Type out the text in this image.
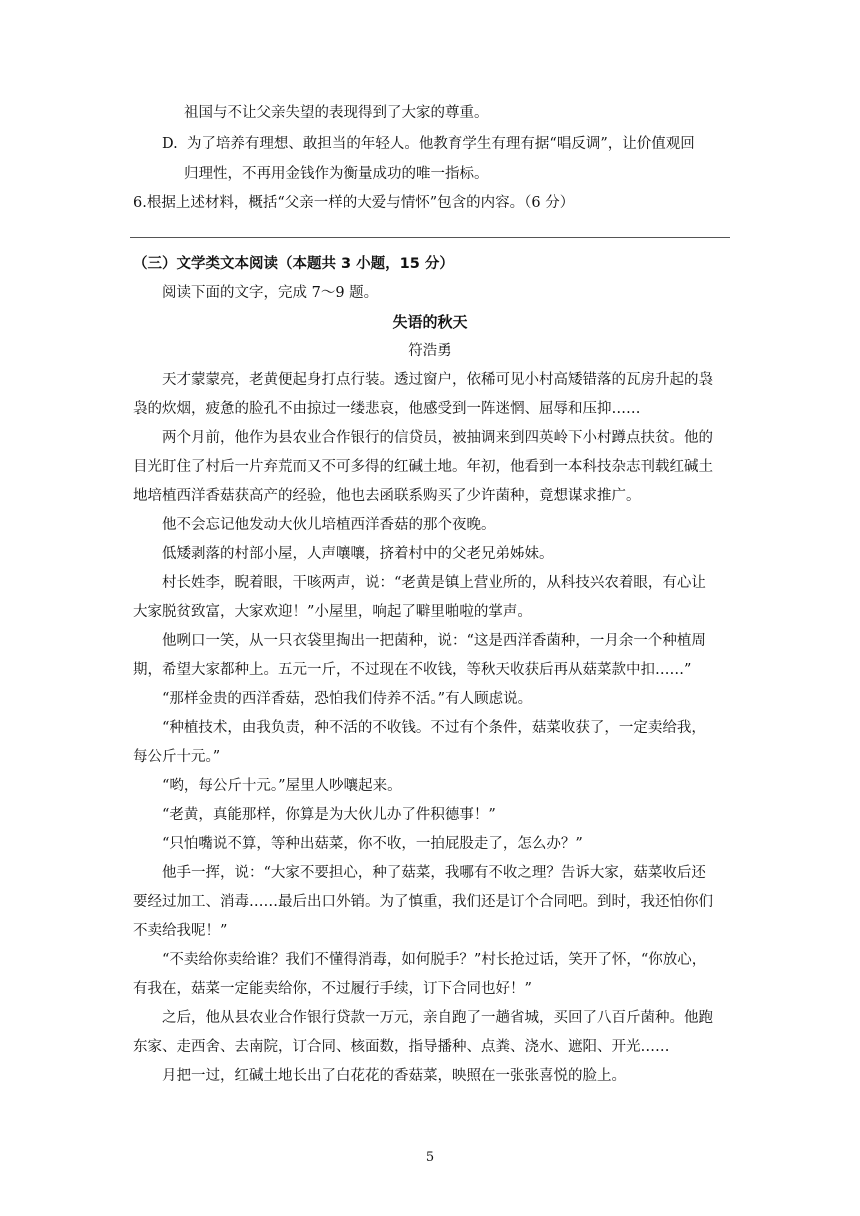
祖国与不让父亲失望的表现得到了大家的尊重。
D. 为了培养有理想、敢担当的年轻人。他教育学生有理有据“唱反调”，让价值观回
归理性，不再用金钱作为衡量成功的唯一指标。
6.根据上述材料，概括“父亲一样的大爱与情怀”包含的内容。（6 分）
（三）文学类文本阅读（本题共 3 小题，15 分）
阅读下面的文字，完成 7～9 题。
失语的秋天
符浩勇
天才蒙蒙亮，老黄便起身打点行装。透过窗户，依稀可见小村高矮错落的瓦房升起的袅
袅的炊烟，疲惫的脸孔不由掠过一缕悲哀，他感受到一阵迷惘、屈辱和压抑……
两个月前，他作为县农业合作银行的信贷员，被抽调来到四英岭下小村蹲点扶贫。他的
目光盯住了村后一片弃荒而又不可多得的红碱土地。年初，他看到一本科技杂志刊载红碱土
地培植西洋香菇获高产的经验，他也去函联系购买了少许菌种，竟想谋求推广。
他不会忘记他发动大伙儿培植西洋香菇的那个夜晚。
低矮剥落的村部小屋，人声嚷嚷，挤着村中的父老兄弟姊妹。
村长姓李，睨着眼，干咳两声，说：“老黄是镇上营业所的，从科技兴农着眼，有心让
大家脱贫致富，大家欢迎！”小屋里，响起了噼里啪啦的掌声。
他咧口一笑，从一只衣袋里掏出一把菌种，说：“这是西洋香菌种，一月余一个种植周
期，希望大家都种上。五元一斤，不过现在不收钱，等秋天收获后再从菇菜款中扣……”
“那样金贵的西洋香菇，恐怕我们侍养不活。”有人顾虑说。
“种植技术，由我负责，种不活的不收钱。不过有个条件，菇菜收获了，一定卖给我，
每公斤十元。”
“哟，每公斤十元。”屋里人吵嚷起来。
“老黄，真能那样，你算是为大伙儿办了件积德事！”
“只怕嘴说不算，等种出菇菜，你不收，一拍屁股走了，怎么办？”
他手一挥，说：“大家不要担心，种了菇菜，我哪有不收之理？告诉大家，菇菜收后还
要经过加工、消毒……最后出口外销。为了慎重，我们还是订个合同吧。到时，我还怕你们
不卖给我呢！”
“不卖给你卖给谁？我们不懂得消毒，如何脱手？”村长抢过话，笑开了怀，“你放心，
有我在，菇菜一定能卖给你，不过履行手续，订下合同也好！”
之后，他从县农业合作银行贷款一万元，亲自跑了一趟省城，买回了八百斤菌种。他跑
东家、走西舍、去南院，订合同、核面数，指导播种、点粪、浇水、遮阳、开光……
月把一过，红碱土地长出了白花花的香菇菜，映照在一张张喜悦的脸上。
5
